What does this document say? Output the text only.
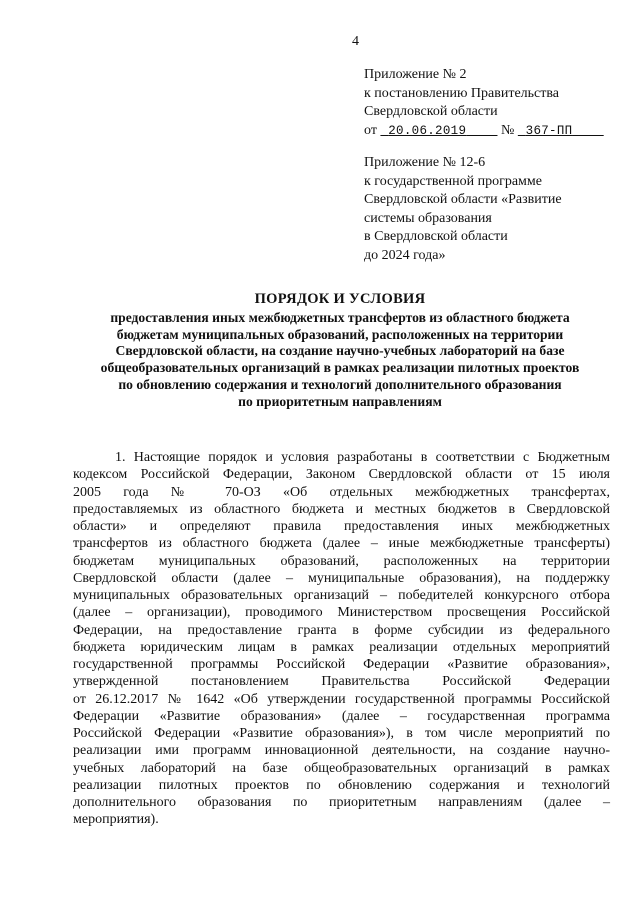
4
Приложение № 2
к постановлению Правительства
Свердловской области
от 20.06.2019 № 367-ПП
Приложение № 12-6
к государственной программе
Свердловской области «Развитие
системы образования
в Свердловской области
до 2024 года»
ПОРЯДОК И УСЛОВИЯ
предоставления иных межбюджетных трансфертов из областного бюджета
бюджетам муниципальных образований, расположенных на территории
Свердловской области, на создание научно-учебных лабораторий на базе
общеобразовательных организаций в рамках реализации пилотных проектов
по обновлению содержания и технологий дополнительного образования
по приоритетным направлениям
1. Настоящие порядок и условия разработаны в соответствии с Бюджетным
кодексом Российской Федерации, Законом Свердловской области от 15 июля
2005 года № 70-ОЗ «Об отдельных межбюджетных трансфертах,
предоставляемых из областного бюджета и местных бюджетов в Свердловской
области» и определяют правила предоставления иных межбюджетных
трансфертов из областного бюджета (далее – иные межбюджетные трансферты)
бюджетам муниципальных образований, расположенных на территории
Свердловской области (далее – муниципальные образования), на поддержку
муниципальных образовательных организаций – победителей конкурсного отбора
(далее – организации), проводимого Министерством просвещения Российской
Федерации, на предоставление гранта в форме субсидии из федерального
бюджета юридическим лицам в рамках реализации отдельных мероприятий
государственной программы Российской Федерации «Развитие образования»,
утвержденной постановлением Правительства Российской Федерации
от 26.12.2017 № 1642 «Об утверждении государственной программы Российской
Федерации «Развитие образования» (далее – государственная программа
Российской Федерации «Развитие образования»), в том числе мероприятий по
реализации ими программ инновационной деятельности, на создание научно-
учебных лабораторий на базе общеобразовательных организаций в рамках
реализации пилотных проектов по обновлению содержания и технологий
дополнительного образования по приоритетным направлениям (далее –
мероприятия).
